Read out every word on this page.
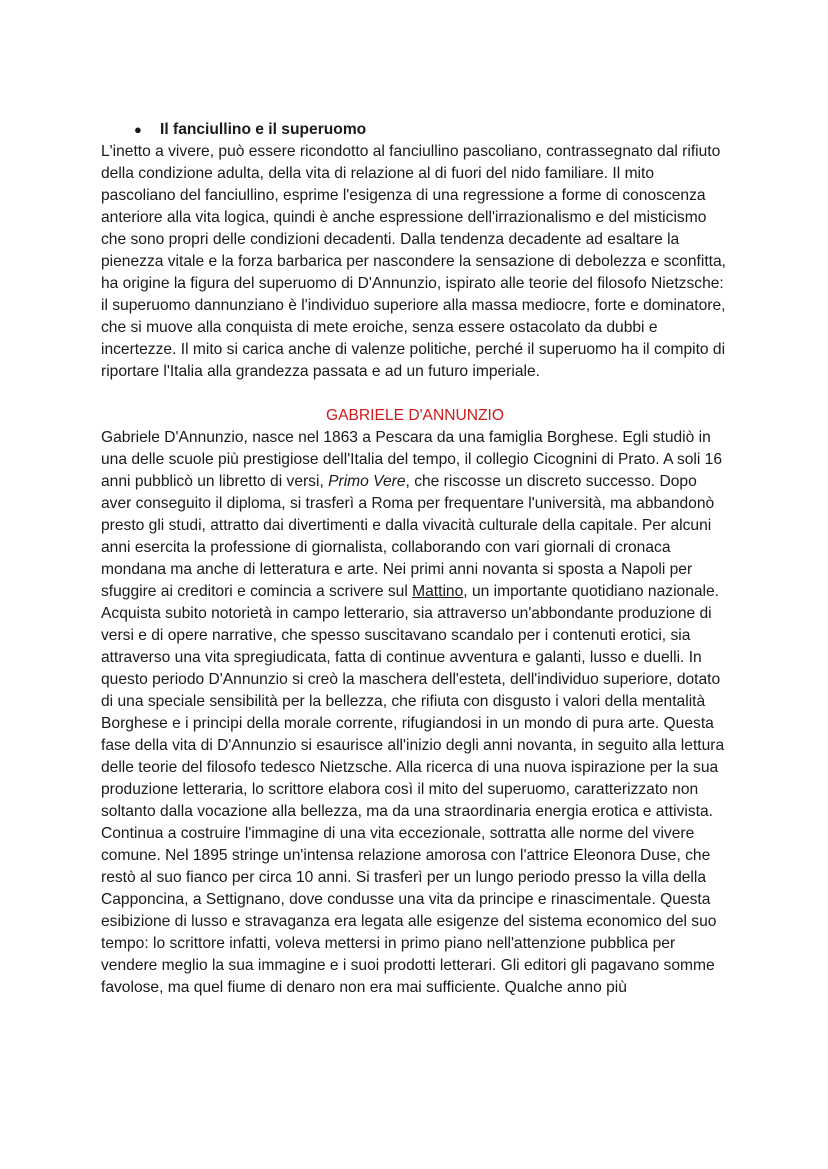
●	Il fanciullino e il superuomo

L'inetto a vivere, può essere ricondotto al fanciullino pascoliano, contrassegnato dal rifiuto della condizione adulta, della vita di relazione al di fuori del nido familiare. Il mito pascoliano del fanciullino, esprime l'esigenza di una regressione a forme di conoscenza anteriore alla vita logica, quindi è anche espressione dell'irrazionalismo e del misticismo che sono propri delle condizioni decadenti. Dalla tendenza decadente ad esaltare la pienezza vitale e la forza barbarica per nascondere la sensazione di debolezza e sconfitta, ha origine la figura del superuomo di D'Annunzio, ispirato alle teorie del filosofo Nietzsche: il superuomo dannunziano è l'individuo superiore alla massa mediocre, forte e dominatore, che si muove alla conquista di mete eroiche, senza essere ostacolato da dubbi e incertezze. Il mito si carica anche di valenze politiche, perché il superuomo ha il compito di riportare l'Italia alla grandezza passata e ad un futuro imperiale.

GABRIELE D'ANNUNZIO

Gabriele D'Annunzio, nasce nel 1863 a Pescara da una famiglia Borghese. Egli studiò in una delle scuole più prestigiose dell'Italia del tempo, il collegio Cicognini di Prato. A soli 16 anni pubblicò un libretto di versi, Primo Vere, che riscosse un discreto successo. Dopo aver conseguito il diploma, si trasferì a Roma per frequentare l'università, ma abbandonò presto gli studi, attratto dai divertimenti e dalla vivacità culturale della capitale. Per alcuni anni esercita la professione di giornalista, collaborando con vari giornali di cronaca mondana ma anche di letteratura e arte. Nei primi anni novanta si sposta a Napoli per sfuggire ai creditori e comincia a scrivere sul Mattino, un importante quotidiano nazionale. Acquista subito notorietà in campo letterario, sia attraverso un'abbondante produzione di versi e di opere narrative, che spesso suscitavano scandalo per i contenuti erotici, sia attraverso una vita spregiudicata, fatta di continue avventura e galanti, lusso e duelli. In questo periodo D'Annunzio si creò la maschera dell'esteta, dell'individuo superiore, dotato di una speciale sensibilità per la bellezza, che rifiuta con disgusto i valori della mentalità Borghese e i principi della morale corrente, rifugiandosi in un mondo di pura arte. Questa fase della vita di D'Annunzio si esaurisce all'inizio degli anni novanta, in seguito alla lettura delle teorie del filosofo tedesco Nietzsche. Alla ricerca di una nuova ispirazione per la sua produzione letteraria, lo scrittore elabora così il mito del superuomo, caratterizzato non soltanto dalla vocazione alla bellezza, ma da una straordinaria energia erotica e attivista. Continua a costruire l'immagine di una vita eccezionale, sottratta alle norme del vivere comune. Nel 1895 stringe un'intensa relazione amorosa con l'attrice Eleonora Duse, che restò al suo fianco per circa 10 anni. Si trasferì per un lungo periodo presso la villa della Capponcina, a Settignano, dove condusse una vita da principe e rinascimentale. Questa esibizione di lusso e stravaganza era legata alle esigenze del sistema economico del suo tempo: lo scrittore infatti, voleva mettersi in primo piano nell'attenzione pubblica per vendere meglio la sua immagine e i suoi prodotti letterari. Gli editori gli pagavano somme favolose, ma quel fiume di denaro non era mai sufficiente. Qualche anno più
